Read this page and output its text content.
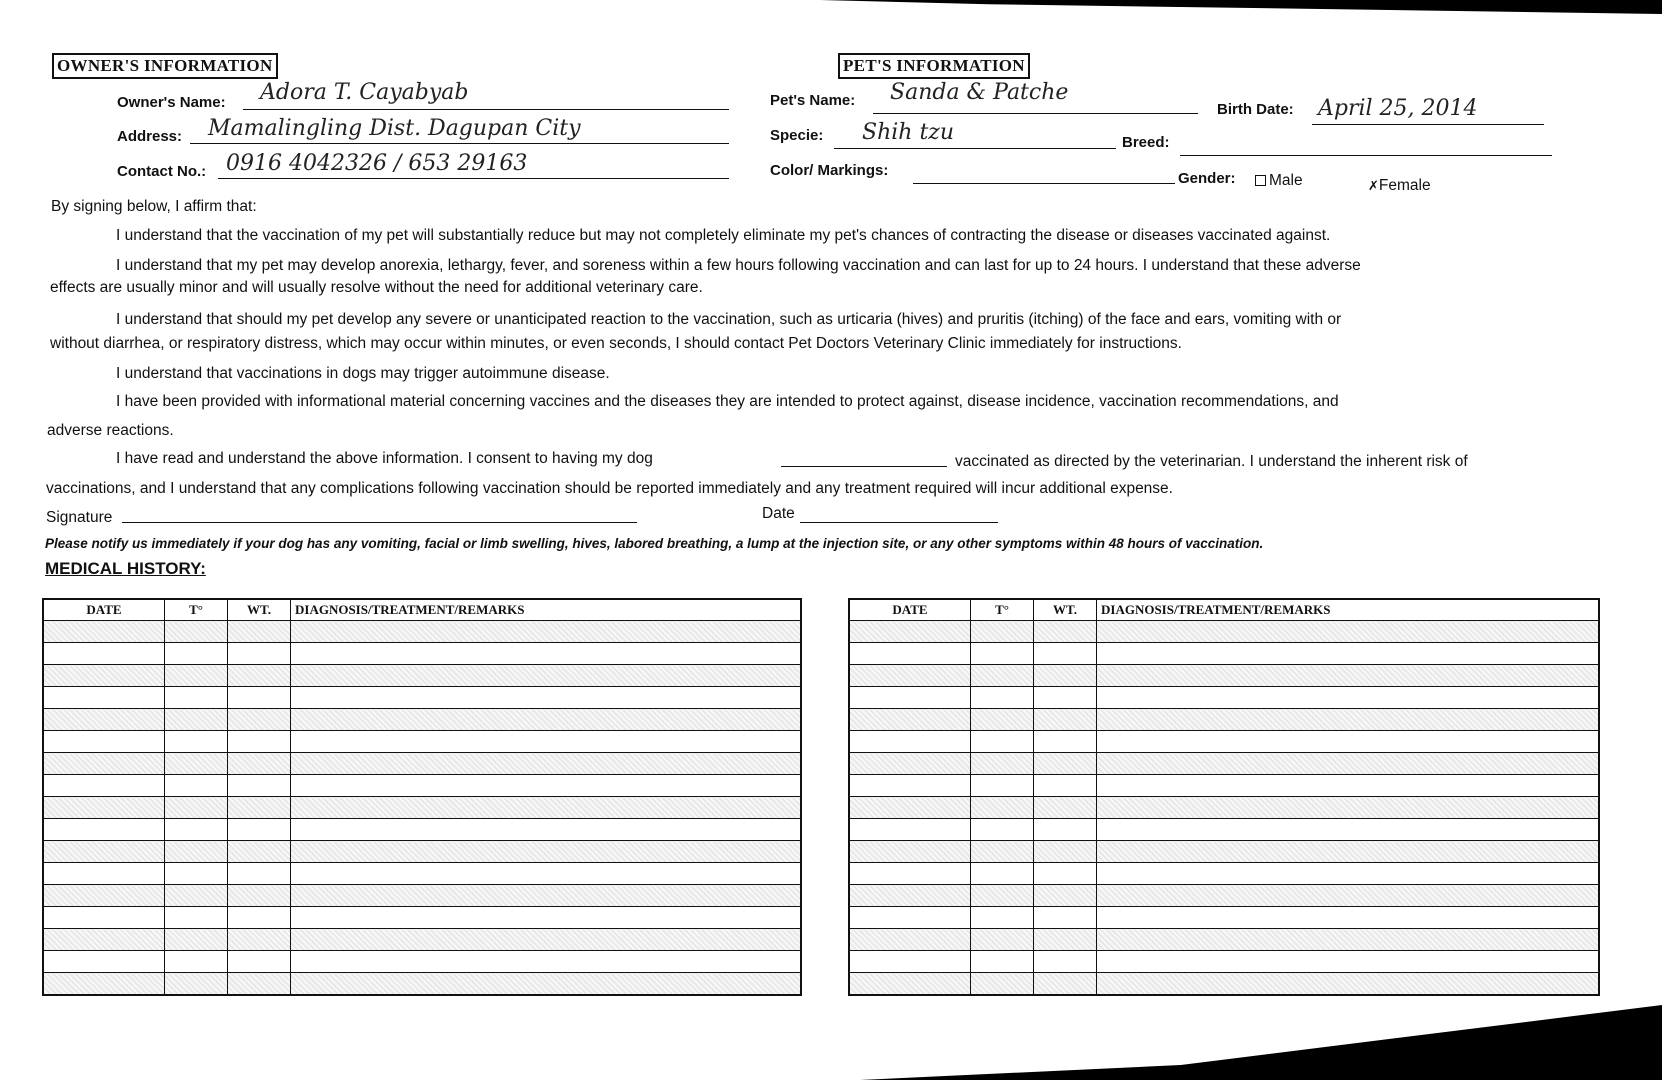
OWNER'S INFORMATION
Owner's Name: Adora T. Cayabyab
Address: Mamalingling Dist. Dagupan City
Contact No.: 0916 4042326 / 653 29163
PET'S INFORMATION
Pet's Name: Sanda & Patche
Birth Date: April 25, 2014
Specie: Shih tzu	Breed:
Color/ Markings:	Gender:	Male	✗Female
By signing below, I affirm that:
I understand that the vaccination of my pet will substantially reduce but may not completely eliminate my pet's chances of contracting the disease or diseases vaccinated against.
I understand that my pet may develop anorexia, lethargy, fever, and soreness within a few hours following vaccination and can last for up to 24 hours. I understand that these adverse
effects are usually minor and will usually resolve without the need for additional veterinary care.
I understand that should my pet develop any severe or unanticipated reaction to the vaccination, such as urticaria (hives) and pruritis (itching) of the face and ears, vomiting with or
without diarrhea, or respiratory distress, which may occur within minutes, or even seconds, I should contact Pet Doctors Veterinary Clinic immediately for instructions.
I understand that vaccinations in dogs may trigger autoimmune disease.
I have been provided with informational material concerning vaccines and the diseases they are intended to protect against, disease incidence, vaccination recommendations, and
adverse reactions.
I have read and understand the above information. I consent to having my dog	vaccinated as directed by the veterinarian. I understand the inherent risk of
vaccinations, and I understand that any complications following vaccination should be reported immediately and any treatment required will incur additional expense.
Signature	Date
Please notify us immediately if your dog has any vomiting, facial or limb swelling, hives, labored breathing, a lump at the injection site, or any other symptoms within 48 hours of vaccination.
MEDICAL HISTORY:
DATE	T°	WT.	DIAGNOSIS/TREATMENT/REMARKS

				DATE	T°	WT.	DIAGNOSIS/TREATMENT/REMARKS
